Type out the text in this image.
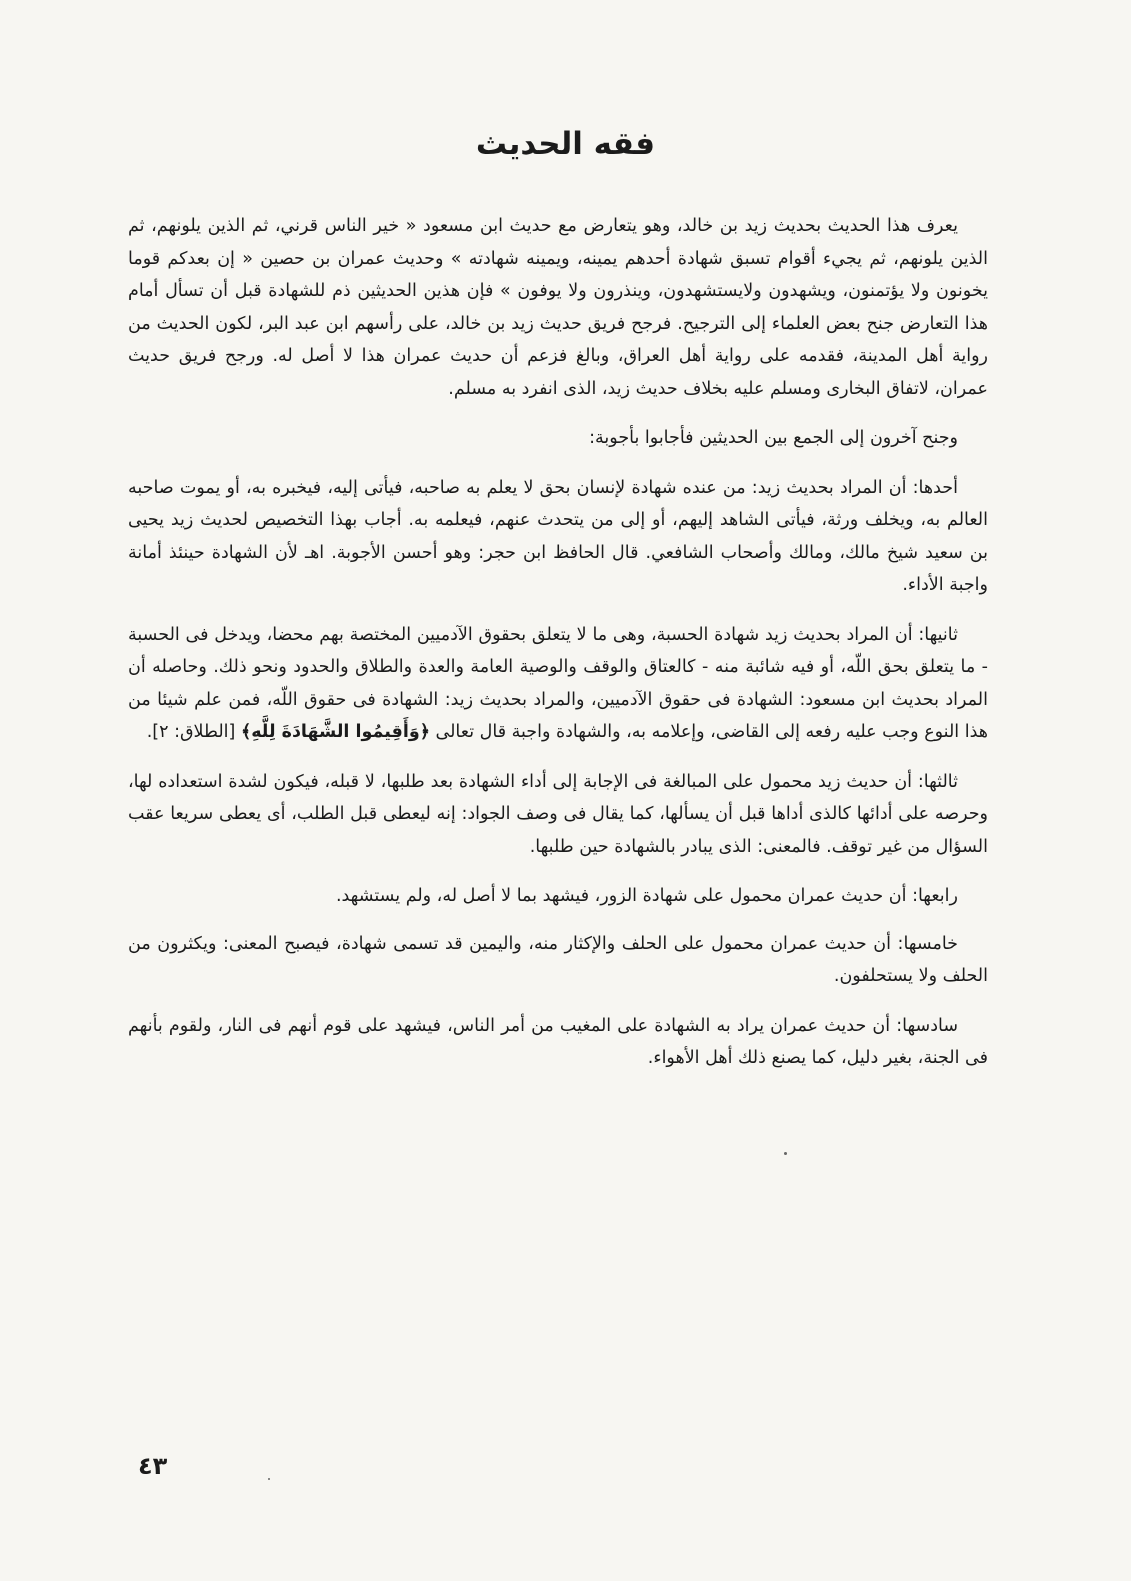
فقه الحديث

يعرف هذا الحديث بحديث زيد بن خالد، وهو يتعارض مع حديث ابن مسعود « خير الناس قرني، ثم الذين يلونهم، ثم الذين يلونهم، ثم يجيء أقوام تسبق شهادة أحدهم يمينه، ويمينه شهادته » وحديث عمران بن حصين « إن بعدكم قوما يخونون ولا يؤتمنون، ويشهدون ولايستشهدون، وينذرون ولا يوفون » فإن هذين الحديثين ذم للشهادة قبل أن تسأل أمام هذا التعارض جنح بعض العلماء إلى الترجيح. فرجح فريق حديث زيد بن خالد، على رأسهم ابن عبد البر، لكون الحديث من رواية أهل المدينة، فقدمه على رواية أهل العراق، وبالغ فزعم أن حديث عمران هذا لا أصل له. ورجح فريق حديث عمران، لاتفاق البخارى ومسلم عليه بخلاف حديث زيد، الذى انفرد به مسلم.

وجنح آخرون إلى الجمع بين الحديثين فأجابوا بأجوبة:

أحدها: أن المراد بحديث زيد: من عنده شهادة لإنسان بحق لا يعلم به صاحبه، فيأتى إليه، فيخبره به، أو يموت صاحبه العالم به، ويخلف ورثة، فيأتى الشاهد إليهم، أو إلى من يتحدث عنهم، فيعلمه به. أجاب بهذا التخصيص لحديث زيد يحيى بن سعيد شيخ مالك، ومالك وأصحاب الشافعي. قال الحافظ ابن حجر: وهو أحسن الأجوبة. اهـ لأن الشهادة حينئذ أمانة واجبة الأداء.

ثانيها: أن المراد بحديث زيد شهادة الحسبة، وهى ما لا يتعلق بحقوق الآدميين المختصة بهم محضا، ويدخل فى الحسبة - ما يتعلق بحق اللّه، أو فيه شائبة منه - كالعتاق والوقف والوصية العامة والعدة والطلاق والحدود ونحو ذلك. وحاصله أن المراد بحديث ابن مسعود: الشهادة فى حقوق الآدميين، والمراد بحديث زيد: الشهادة فى حقوق اللّه، فمن علم شيئا من هذا النوع وجب عليه رفعه إلى القاضى، وإعلامه به، والشهادة واجبة قال تعالى ﴿وَأَقِيمُوا الشَّهَادَةَ لِلَّهِ﴾ [الطلاق: ٢].

ثالثها: أن حديث زيد محمول على المبالغة فى الإجابة إلى أداء الشهادة بعد طلبها، لا قبله، فيكون لشدة استعداده لها، وحرصه على أدائها كالذى أداها قبل أن يسألها، كما يقال فى وصف الجواد: إنه ليعطى قبل الطلب، أى يعطى سريعا عقب السؤال من غير توقف. فالمعنى: الذى يبادر بالشهادة حين طلبها.

رابعها: أن حديث عمران محمول على شهادة الزور، فيشهد بما لا أصل له، ولم يستشهد.

خامسها: أن حديث عمران محمول على الحلف والإكثار منه، واليمين قد تسمى شهادة، فيصبح المعنى: ويكثرون من الحلف ولا يستحلفون.

سادسها: أن حديث عمران يراد به الشهادة على المغيب من أمر الناس، فيشهد على قوم أنهم فى النار، ولقوم بأنهم فى الجنة، بغير دليل، كما يصنع ذلك أهل الأهواء.

٤٣
